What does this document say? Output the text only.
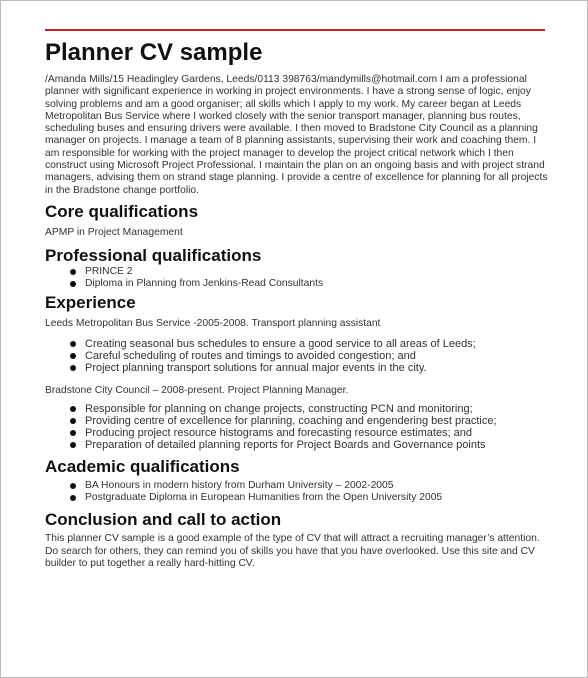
Planner CV sample

/Amanda Mills/15 Headingley Gardens, Leeds/0113 398763/mandymills@hotmail.com I am a professional planner with significant experience in working in project environments. I have a strong sense of logic, enjoy solving problems and am a good organiser; all skills which I apply to my work. My career began at Leeds Metropolitan Bus Service where I worked closely with the senior transport manager, planning bus routes, scheduling buses and ensuring drivers were available. I then moved to Bradstone City Council as a planning manager on projects. I manage a team of 8 planning assistants, supervising their work and coaching them. I am responsible for working with the project manager to develop the project critical network which I then construct using Microsoft Project Professional. I maintain the plan on an ongoing basis and with project strand managers, advising them on strand stage planning. I provide a centre of excellence for planning for all projects in the Bradstone change portfolio.

Core qualifications

APMP in Project Management

Professional qualifications
PRINCE 2
Diploma in Planning from Jenkins-Read Consultants
Experience

Leeds Metropolitan Bus Service -2005-2008. Transport planning assistant

Creating seasonal bus schedules to ensure a good service to all areas of Leeds;
Careful scheduling of routes and timings to avoided congestion; and
Project planning transport solutions for annual major events in the city.

Bradstone City Council – 2008-present. Project Planning Manager.

Responsible for planning on change projects, constructing PCN and monitoring;
Providing centre of excellence for planning, coaching and engendering best practice;
Producing project resource histograms and forecasting resource estimates; and
Preparation of detailed planning reports for Project Boards and Governance points
Academic qualifications
BA Honours in modern history from Durham University – 2002-2005
Postgraduate Diploma in European Humanities from the Open University 2005
Conclusion and call to action

This planner CV sample is a good example of the type of CV that will attract a recruiting manager’s attention. Do search for others, they can remind you of skills you have that you have overlooked. Use this site and CV builder to put together a really hard-hitting CV.
